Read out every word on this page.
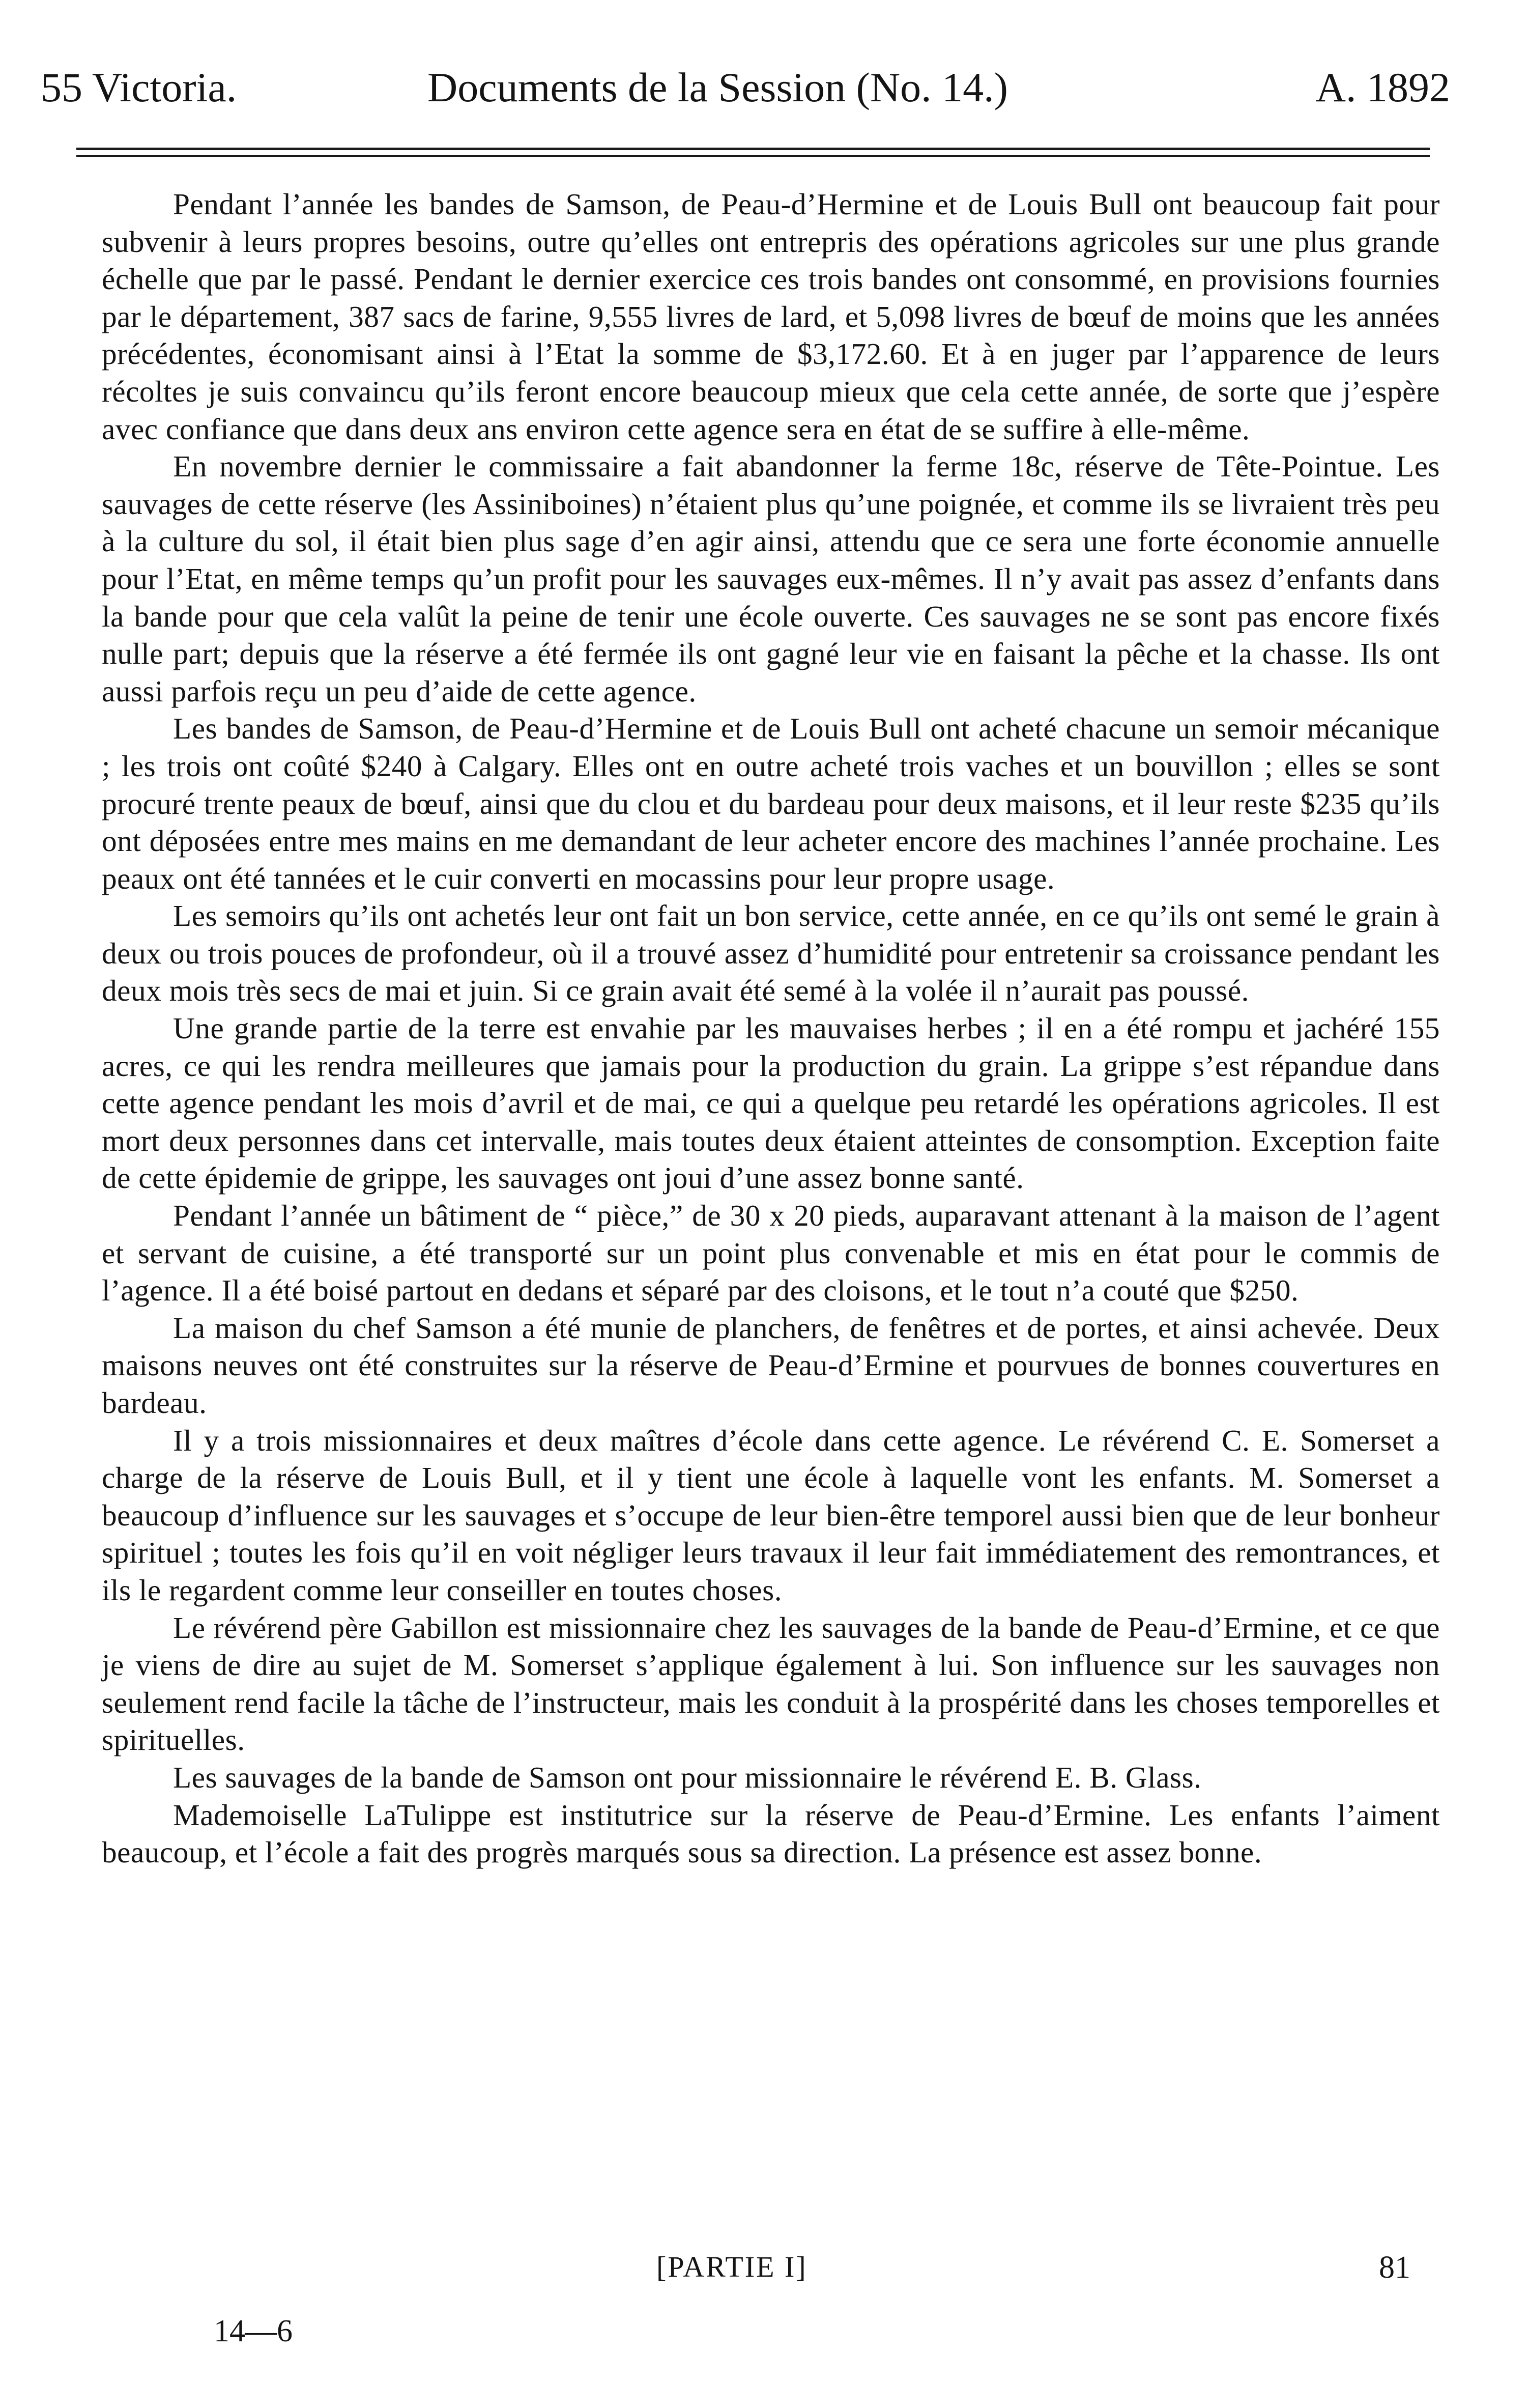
55 Victoria.	Documents de la Session (No. 14.)	A. 1892

Pendant l’année les bandes de Samson, de Peau-d’Hermine et de Louis Bull ont beaucoup fait pour subvenir à leurs propres besoins, outre qu’elles ont entrepris des opérations agricoles sur une plus grande échelle que par le passé. Pendant le dernier exercice ces trois bandes ont consommé, en provisions fournies par le département, 387 sacs de farine, 9,555 livres de lard, et 5,098 livres de bœuf de moins que les années précédentes, économisant ainsi à l’Etat la somme de $3,172.60. Et à en juger par l’apparence de leurs récoltes je suis convaincu qu’ils feront encore beaucoup mieux que cela cette année, de sorte que j’espère avec confiance que dans deux ans environ cette agence sera en état de se suffire à elle-même.

En novembre dernier le commissaire a fait abandonner la ferme 18c, réserve de Tête-Pointue. Les sauvages de cette réserve (les Assiniboines) n’étaient plus qu’une poignée, et comme ils se livraient très peu à la culture du sol, il était bien plus sage d’en agir ainsi, attendu que ce sera une forte économie annuelle pour l’Etat, en même temps qu’un profit pour les sauvages eux-mêmes. Il n’y avait pas assez d’enfants dans la bande pour que cela valût la peine de tenir une école ouverte. Ces sauvages ne se sont pas encore fixés nulle part; depuis que la réserve a été fermée ils ont gagné leur vie en faisant la pêche et la chasse. Ils ont aussi parfois reçu un peu d’aide de cette agence.

Les bandes de Samson, de Peau-d’Hermine et de Louis Bull ont acheté chacune un semoir mécanique ; les trois ont coûté $240 à Calgary. Elles ont en outre acheté trois vaches et un bouvillon ; elles se sont procuré trente peaux de bœuf, ainsi que du clou et du bardeau pour deux maisons, et il leur reste $235 qu’ils ont déposées entre mes mains en me demandant de leur acheter encore des machines l’année prochaine. Les peaux ont été tannées et le cuir converti en mocassins pour leur propre usage.

Les semoirs qu’ils ont achetés leur ont fait un bon service, cette année, en ce qu’ils ont semé le grain à deux ou trois pouces de profondeur, où il a trouvé assez d’humidité pour entretenir sa croissance pendant les deux mois très secs de mai et juin. Si ce grain avait été semé à la volée il n’aurait pas poussé.

Une grande partie de la terre est envahie par les mauvaises herbes ; il en a été rompu et jachéré 155 acres, ce qui les rendra meilleures que jamais pour la production du grain. La grippe s’est répandue dans cette agence pendant les mois d’avril et de mai, ce qui a quelque peu retardé les opérations agricoles. Il est mort deux personnes dans cet intervalle, mais toutes deux étaient atteintes de consomption. Exception faite de cette épidemie de grippe, les sauvages ont joui d’une assez bonne santé.

Pendant l’année un bâtiment de “ pièce,” de 30 x 20 pieds, auparavant attenant à la maison de l’agent et servant de cuisine, a été transporté sur un point plus convenable et mis en état pour le commis de l’agence. Il a été boisé partout en dedans et séparé par des cloisons, et le tout n’a couté que $250.

La maison du chef Samson a été munie de planchers, de fenêtres et de portes, et ainsi achevée. Deux maisons neuves ont été construites sur la réserve de Peau-d’Ermine et pourvues de bonnes couvertures en bardeau.

Il y a trois missionnaires et deux maîtres d’école dans cette agence. Le révérend C. E. Somerset a charge de la réserve de Louis Bull, et il y tient une école à laquelle vont les enfants. M. Somerset a beaucoup d’influence sur les sauvages et s’occupe de leur bien-être temporel aussi bien que de leur bonheur spirituel ; toutes les fois qu’il en voit négliger leurs travaux il leur fait immédiatement des remontrances, et ils le regardent comme leur conseiller en toutes choses.

Le révérend père Gabillon est missionnaire chez les sauvages de la bande de Peau-d’Ermine, et ce que je viens de dire au sujet de M. Somerset s’applique également à lui. Son influence sur les sauvages non seulement rend facile la tâche de l’instructeur, mais les conduit à la prospérité dans les choses temporelles et spirituelles.

Les sauvages de la bande de Samson ont pour missionnaire le révérend E. B. Glass.

Mademoiselle LaTulippe est institutrice sur la réserve de Peau-d’Ermine. Les enfants l’aiment beaucoup, et l’école a fait des progrès marqués sous sa direction. La présence est assez bonne.

[PARTIE I]	81
14—6
